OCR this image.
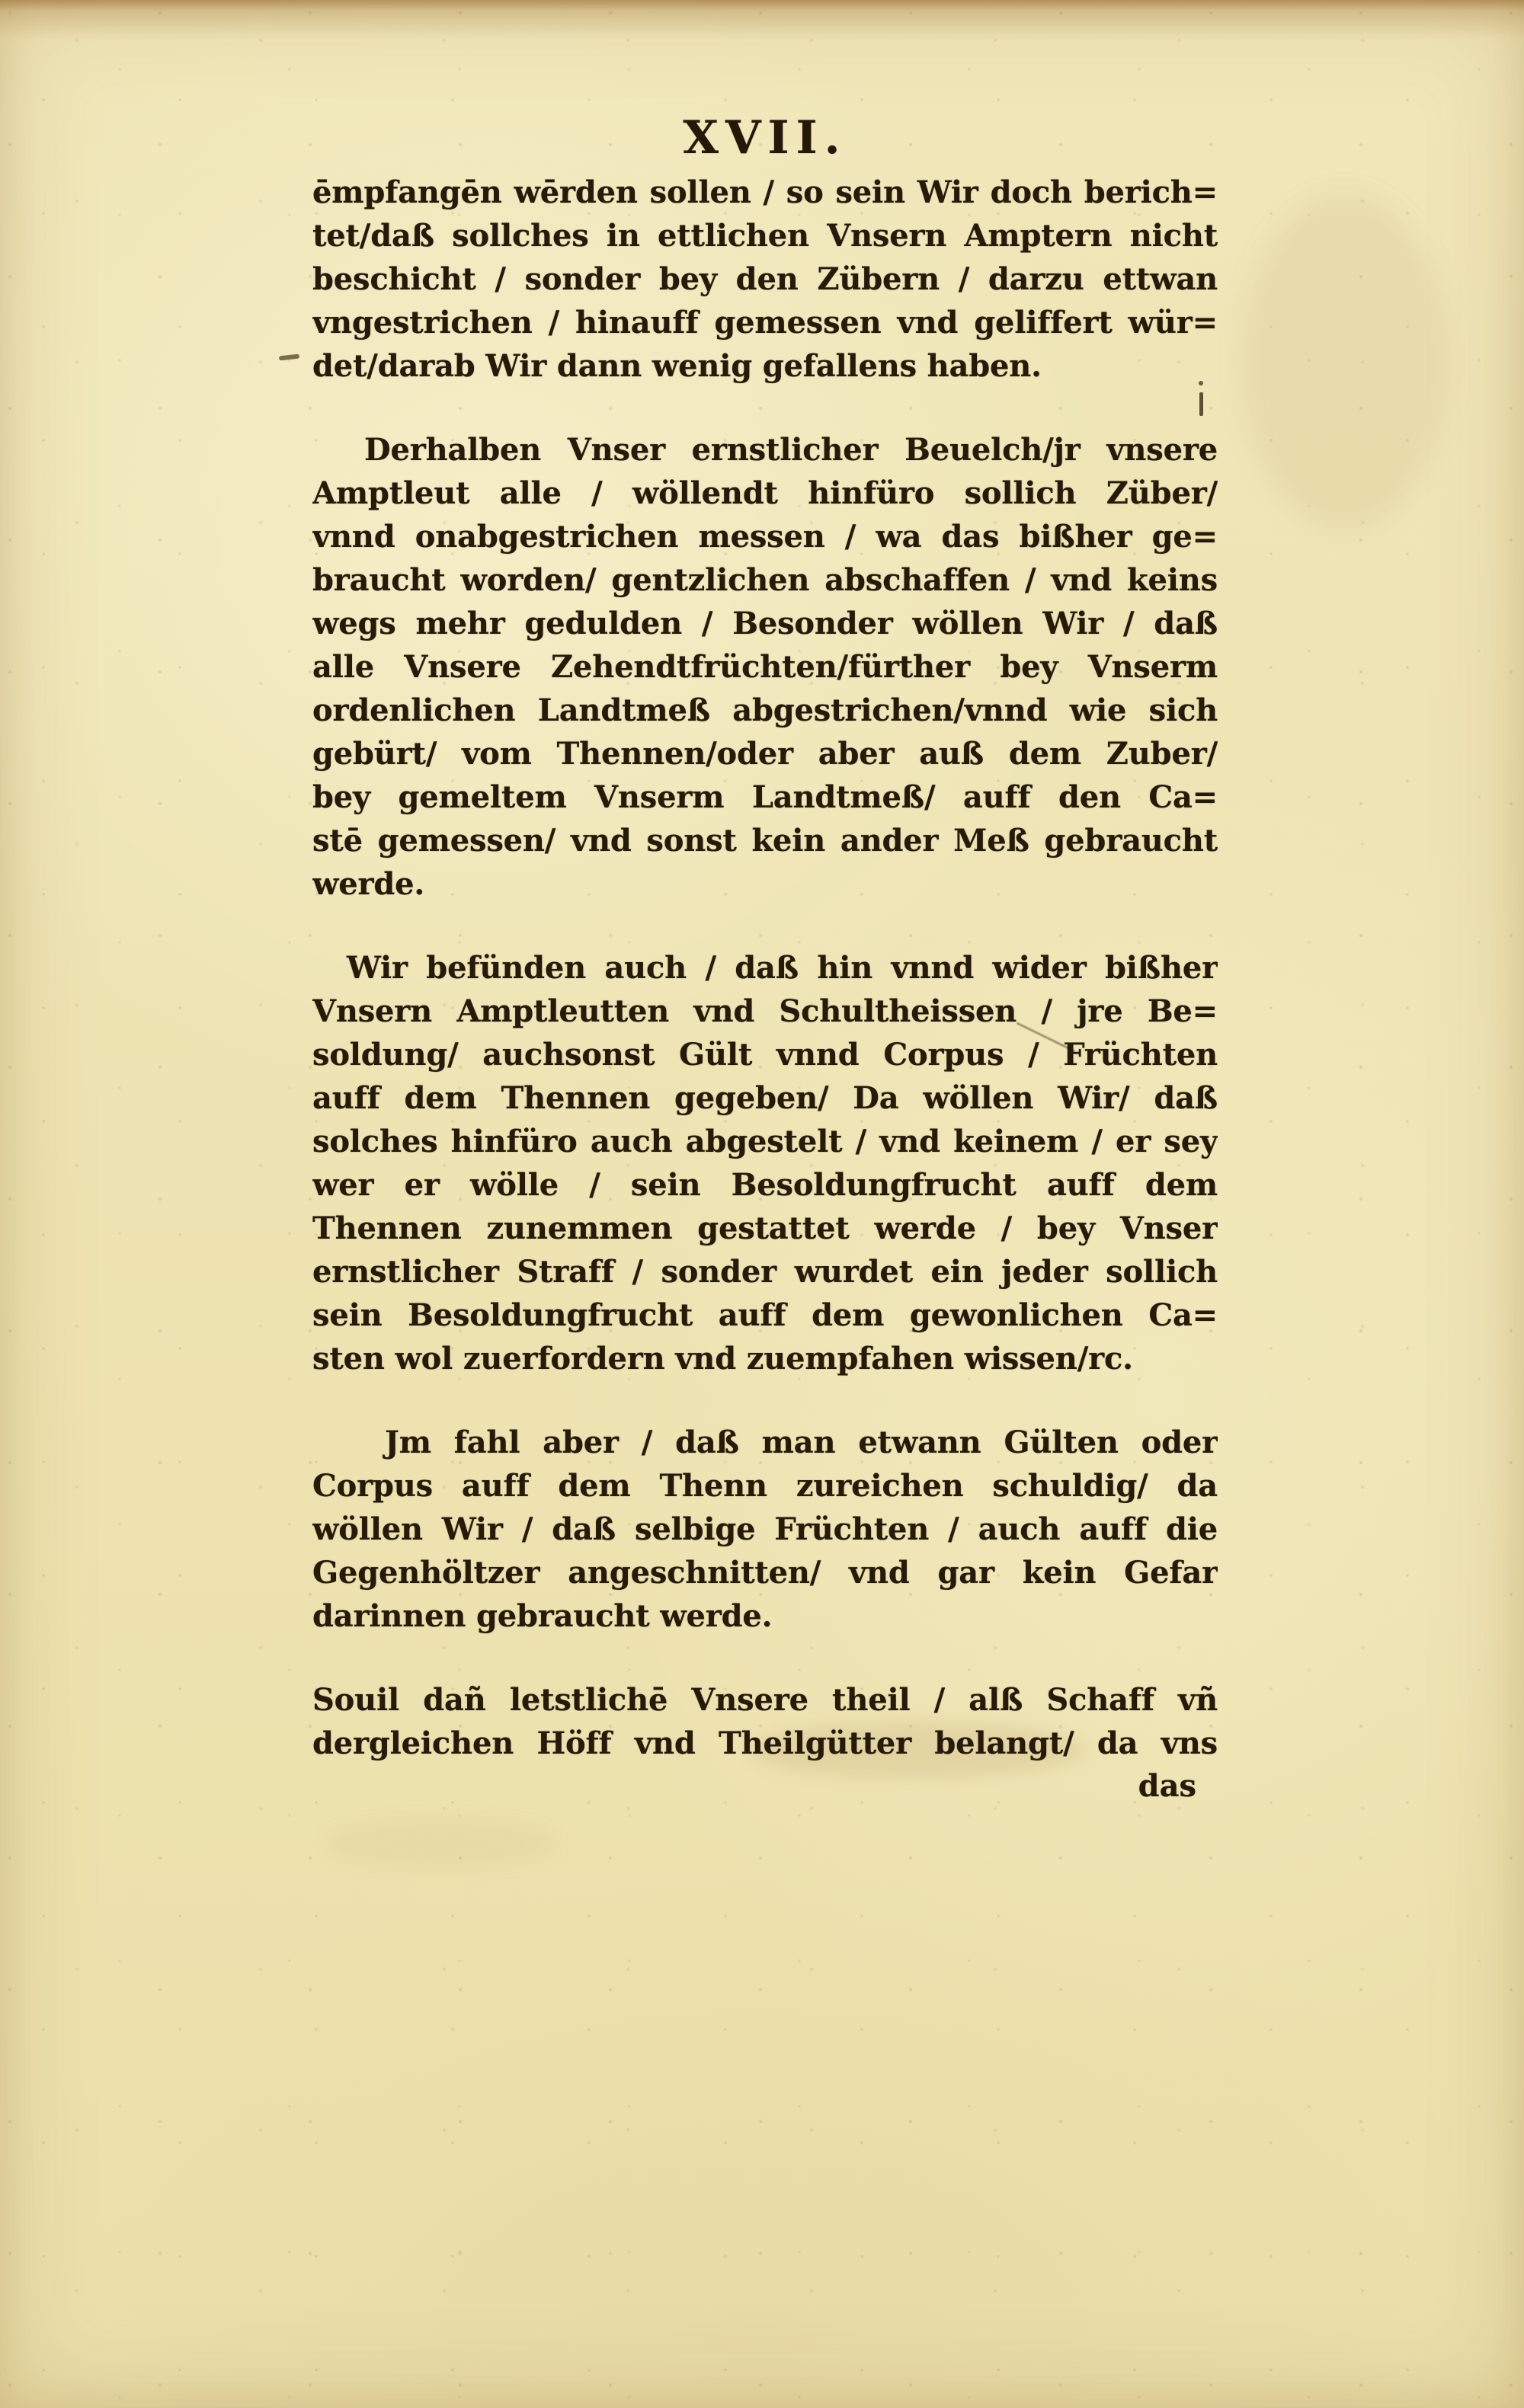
XVII.
ēmpfangēn wērden sollen / so sein Wir doch berich=
tet/daß sollches in ettlichen Vnsern Amptern nicht
beschicht / sonder bey den Zübern / darzu ettwan
vngestrichen / hinauff gemessen vnd geliffert wür=
det/darab Wir dann wenig gefallens haben.
Derhalben Vnser ernstlicher Beuelch/jr vnsere
Amptleut alle / wöllendt hinfüro sollich Züber/
vnnd onabgestrichen messen / wa das bißher ge=
braucht worden/ gentzlichen abschaffen / vnd keins
wegs mehr gedulden / Besonder wöllen Wir / daß
alle Vnsere Zehendtfrüchten/fürther bey Vnserm
ordenlichen Landtmeß abgestrichen/vnnd wie sich
gebürt/ vom Thennen/oder aber auß dem Zuber/
bey gemeltem Vnserm Landtmeß/ auff den Ca=
stē gemessen/ vnd sonst kein ander Meß gebraucht
werde.
Wir befünden auch / daß hin vnnd wider bißher
Vnsern Amptleutten vnd Schultheissen / jre Be=
soldung/ auchsonst Gült vnnd Corpus / Früchten
auff dem Thennen gegeben/ Da wöllen Wir/ daß
solches hinfüro auch abgestelt / vnd keinem / er sey
wer er wölle / sein Besoldungfrucht auff dem
Thennen zunemmen gestattet werde / bey Vnser
ernstlicher Straff / sonder wurdet ein jeder sollich
sein Besoldungfrucht auff dem gewonlichen Ca=
sten wol zuerfordern vnd zuempfahen wissen/rc.
Jm fahl aber / daß man etwann Gülten oder
Corpus auff dem Thenn zureichen schuldig/ da
wöllen Wir / daß selbige Früchten / auch auff die
Gegenhöltzer angeschnitten/ vnd gar kein Gefar
darinnen gebraucht werde.
Souil dañ letstlichē Vnsere theil / alß Schaff vñ
dergleichen Höff vnd Theilgütter belangt/ da vns
das
